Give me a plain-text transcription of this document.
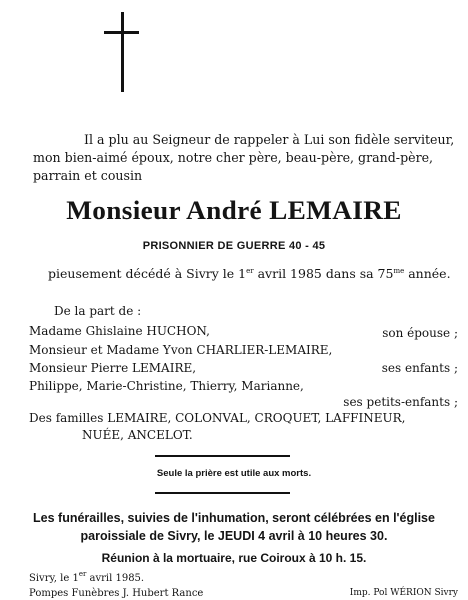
Il a plu au Seigneur de rappeler à Lui son fidèle serviteur,
mon bien-aimé époux, notre cher père, beau-père, grand-père,
parrain et cousin
Monsieur André LEMAIRE
PRISONNIER DE GUERRE 40 - 45
pieusement décédé à Sivry le 1er avril 1985 dans sa $75^{me}$ année.
De la part de :
Madame Ghislaine HUCHON,	son épouse ;
Monsieur et Madame Yvon CHARLIER-LEMAIRE,
Monsieur Pierre LEMAIRE,	ses enfants ;
Philippe, Marie-Christine, Thierry, Marianne,
ses petits-enfants ;
Des familles LEMAIRE, COLONVAL, CROQUET, LAFFINEUR,
NUÉE, ANCELOT.
Seule la prière est utile aux morts.
Les funérailles, suivies de l'inhumation, seront célébrées en l'église
paroissiale de Sivry, le JEUDI 4 avril à 10 heures 30.
Réunion à la mortuaire, rue Coiroux à 10 h. 15.
Sivry, le 1er avril 1985.
Pompes Funèbres J. Hubert Rance	Imp. Pol WÉRION Sivry
